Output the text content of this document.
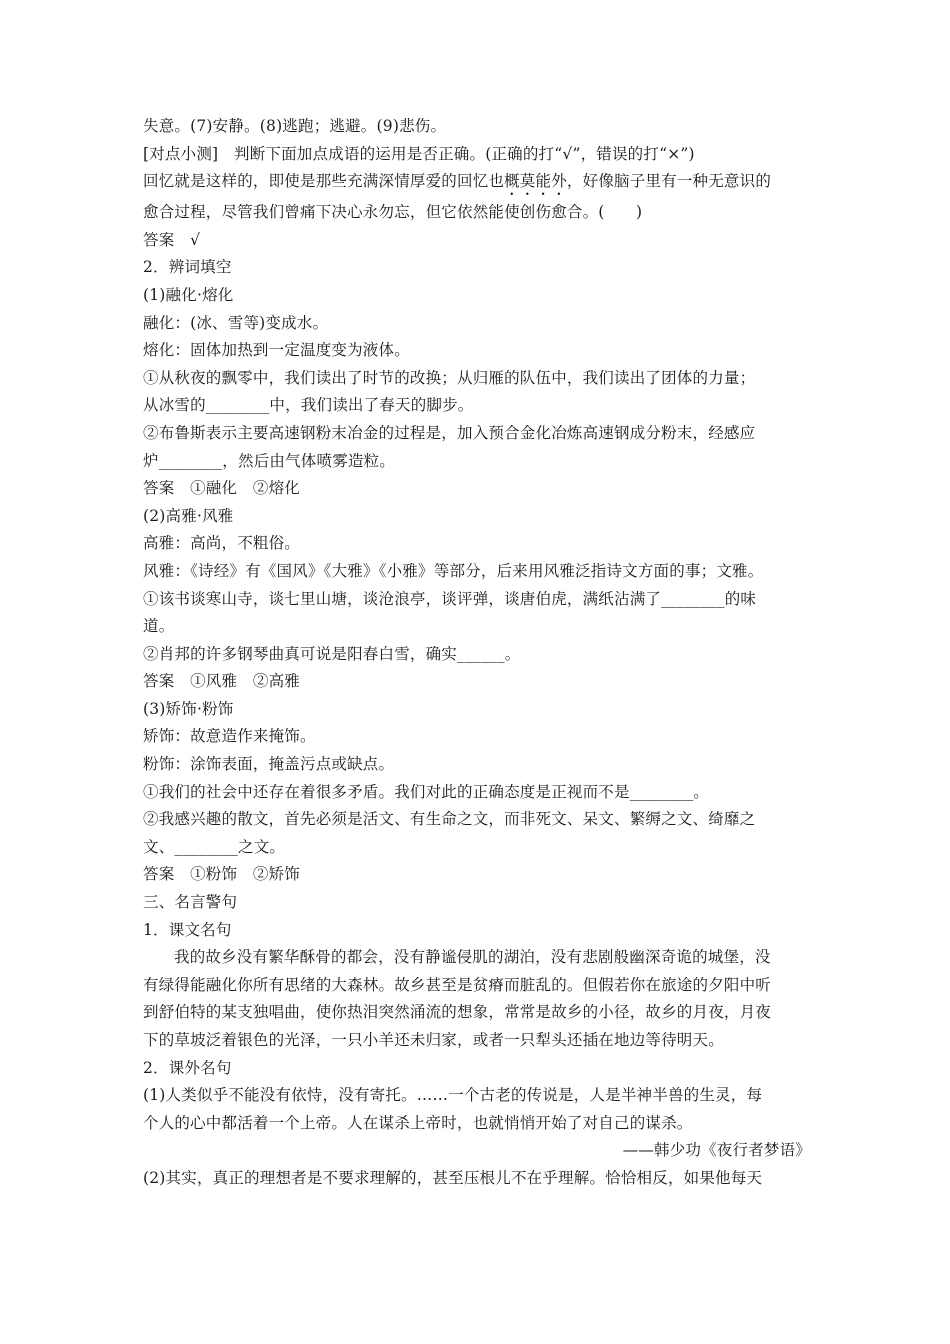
失意。(7)安静。(8)逃跑；逃避。(9)悲伤。
[对点小测]　判断下面加点成语的运用是否正确。(正确的打“√”，错误的打“×”)
回忆就是这样的，即使是那些充满深情厚爱的回忆也概莫能外，好像脑子里有一种无意识的
愈合过程，尽管我们曾痛下决心永勿忘，但它依然能使创伤愈合。(　　)
答案　√
2．辨词填空
(1)融化·熔化
融化：(冰、雪等)变成水。
熔化：固体加热到一定温度变为液体。
①从秋夜的飘零中，我们读出了时节的改换；从归雁的队伍中，我们读出了团体的力量；
从冰雪的________中，我们读出了春天的脚步。
②布鲁斯表示主要高速钢粉末冶金的过程是，加入预合金化冶炼高速钢成分粉末，经感应
炉________，然后由气体喷雾造粒。
答案　①融化　②熔化
(2)高雅·风雅
高雅：高尚，不粗俗。
风雅：《诗经》有《国风》《大雅》《小雅》等部分，后来用风雅泛指诗文方面的事；文雅。
①该书谈寒山寺，谈七里山塘，谈沧浪亭，谈评弹，谈唐伯虎，满纸沾满了________的味
道。
②肖邦的许多钢琴曲真可说是阳春白雪，确实______。
答案　①风雅　②高雅
(3)矫饰·粉饰
矫饰：故意造作来掩饰。
粉饰：涂饰表面，掩盖污点或缺点。
①我们的社会中还存在着很多矛盾。我们对此的正确态度是正视而不是________。
②我感兴趣的散文，首先必须是活文、有生命之文，而非死文、呆文、繁缛之文、绮靡之
文、________之文。
答案　①粉饰　②矫饰
三、名言警句
1．课文名句
我的故乡没有繁华酥骨的都会，没有静谧侵肌的湖泊，没有悲剧般幽深奇诡的城堡，没
有绿得能融化你所有思绪的大森林。故乡甚至是贫瘠而脏乱的。但假若你在旅途的夕阳中听
到舒伯特的某支独唱曲，使你热泪突然涌流的想象，常常是故乡的小径，故乡的月夜，月夜
下的草坡泛着银色的光泽，一只小羊还未归家，或者一只犁头还插在地边等待明天。
2．课外名句
(1)人类似乎不能没有依恃，没有寄托。……一个古老的传说是，人是半神半兽的生灵，每
个人的心中都活着一个上帝。人在谋杀上帝时，也就悄悄开始了对自己的谋杀。
——韩少功《夜行者梦语》
(2)其实，真正的理想者是不要求理解的，甚至压根儿不在乎理解。恰恰相反，如果他每天
